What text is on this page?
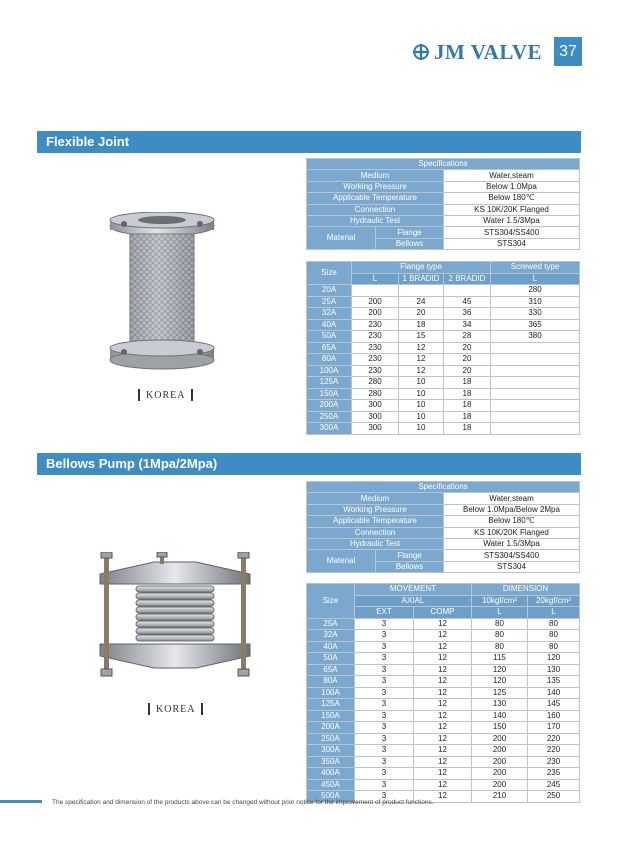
JM VALVE	37
Flexible Joint
KOREA
Specifications		
Medium		Water,steam
Working Pressure		Below 1.0Mpa
Applicable Temperature		Below 180℃
Connection		KS 10K/20K Flanged
Hydraulic Test		Water 1.5/3Mpa
Material	Flange	STS304/SS400
	Bellows	STS304
Size	Flange type			Screwed type
	L	1 BRADID	2 BRADID	L
20A				280
25A	200	24	45	310
32A	200	20	36	330
40A	230	18	34	365
50A	230	15	28	380
65A	230	12	20	
80A	230	12	20	
100A	230	12	20	
125A	280	10	18	
150A	280	10	18	
200A	300	10	18	
250A	300	10	18	
300A	300	10	18	
Bellows Pump (1Mpa/2Mpa)
KOREA
Specifications		
Medium		Water,steam
Working Pressure		Below 1.0Mpa/Below 2Mpa
Applicable Temperature		Below 180℃
Connection		KS 10K/20K Flanged
Hydraulic Test		Water 1.5/3Mpa
Material	Flange	STS304/SS400
	Bellows	STS304
Size	MOVEMENT		DIMENSION	
	AXIAL		10kgf/cm²	20kgf/cm²
	EXT	COMP	L	L
25A	3	12	80	80
32A	3	12	80	80
40A	3	12	80	80
50A	3	12	115	120
65A	3	12	120	130
80A	3	12	120	135
100A	3	12	125	140
125A	3	12	130	145
150A	3	12	140	160
200A	3	12	150	170
250A	3	12	200	220
300A	3	12	200	220
350A	3	12	200	230
400A	3	12	200	235
450A	3	12	200	245
500A	3	12	210	250
The specification and dimension of the products above can be changed without prior notice for the improvement of product functions.
